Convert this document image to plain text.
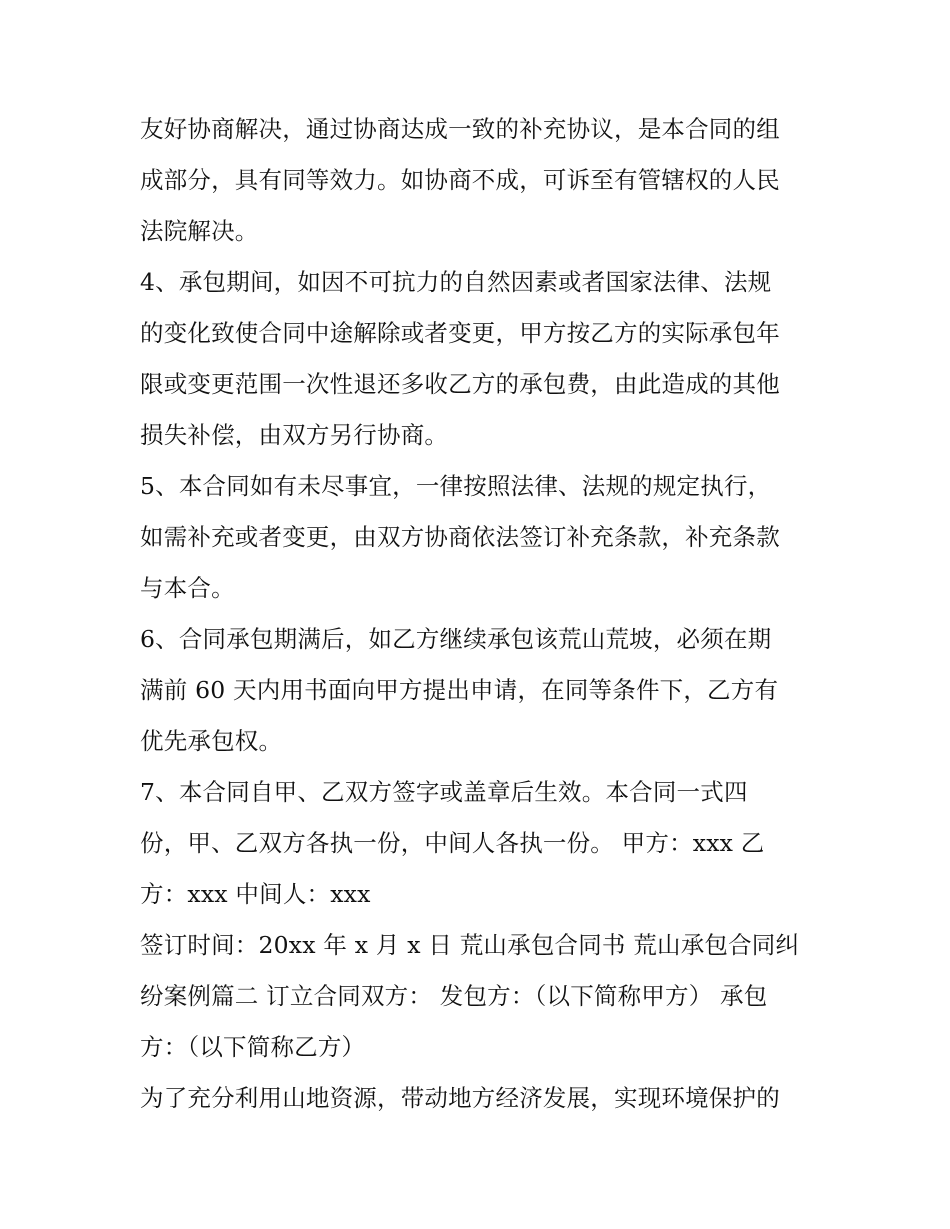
友好协商解决，通过协商达成一致的补充协议，是本合同的组
成部分，具有同等效力。如协商不成，可诉至有管辖权的人民
法院解决。
4、承包期间，如因不可抗力的自然因素或者国家法律、法规
的变化致使合同中途解除或者变更，甲方按乙方的实际承包年
限或变更范围一次性退还多收乙方的承包费，由此造成的其他
损失补偿，由双方另行协商。
5、本合同如有未尽事宜，一律按照法律、法规的规定执行，
如需补充或者变更，由双方协商依法签订补充条款，补充条款
与本合。
6、合同承包期满后，如乙方继续承包该荒山荒坡，必须在期
满前 60 天内用书面向甲方提出申请，在同等条件下，乙方有
优先承包权。
7、本合同自甲、乙双方签字或盖章后生效。本合同一式四
份，甲、乙双方各执一份，中间人各执一份。 甲方：xxx 乙
方：xxx 中间人：xxx
签订时间：20xx 年 x 月 x 日 荒山承包合同书 荒山承包合同纠
纷案例篇二 订立合同双方： 发包方：（以下简称甲方） 承包
方：（以下简称乙方）
为了充分利用山地资源，带动地方经济发展，实现环境保护的
